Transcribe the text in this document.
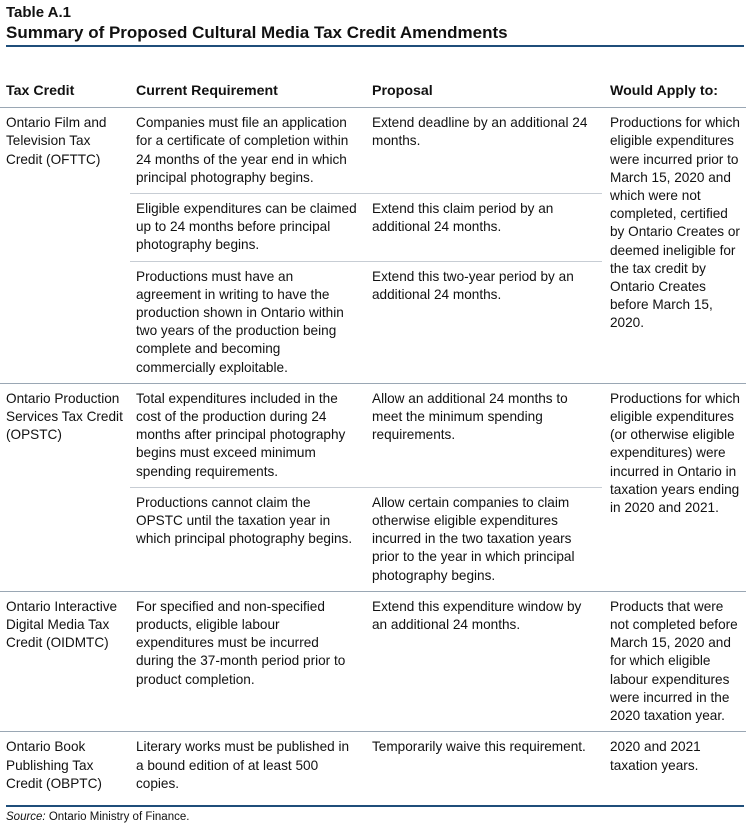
Table A.1
Summary of Proposed Cultural Media Tax Credit Amendments
Tax Credit	Current Requirement	Proposal	Would Apply to:
Ontario Film and Television Tax Credit (OFTTC)	Companies must file an application for a certificate of completion within 24 months of the year end in which principal photography begins.	Extend deadline by an additional 24 months.	Productions for which eligible expenditures were incurred prior to March 15, 2020 and which were not completed, certified by Ontario Creates or deemed ineligible for the tax credit by Ontario Creates before March 15, 2020.
	Eligible expenditures can be claimed up to 24 months before principal photography begins.	Extend this claim period by an additional 24 months.	
	Productions must have an agreement in writing to have the production shown in Ontario within two years of the production being complete and becoming commercially exploitable.	Extend this two-year period by an additional 24 months.	
Ontario Production Services Tax Credit (OPSTC)	Total expenditures included in the cost of the production during 24 months after principal photography begins must exceed minimum spending requirements.	Allow an additional 24 months to meet the minimum spending requirements.	Productions for which eligible expenditures (or otherwise eligible expenditures) were incurred in Ontario in taxation years ending in 2020 and 2021.
	Productions cannot claim the OPSTC until the taxation year in which principal photography begins.	Allow certain companies to claim otherwise eligible expenditures incurred in the two taxation years prior to the year in which principal photography begins.	
Ontario Interactive Digital Media Tax Credit (OIDMTC)	For specified and non-specified products, eligible labour expenditures must be incurred during the 37-month period prior to product completion.	Extend this expenditure window by an additional 24 months.	Products that were not completed before March 15, 2020 and for which eligible labour expenditures were incurred in the 2020 taxation year.
Ontario Book Publishing Tax Credit (OBPTC)	Literary works must be published in a bound edition of at least 500 copies.	Temporarily waive this requirement.	2020 and 2021 taxation years.
Source: Ontario Ministry of Finance.
